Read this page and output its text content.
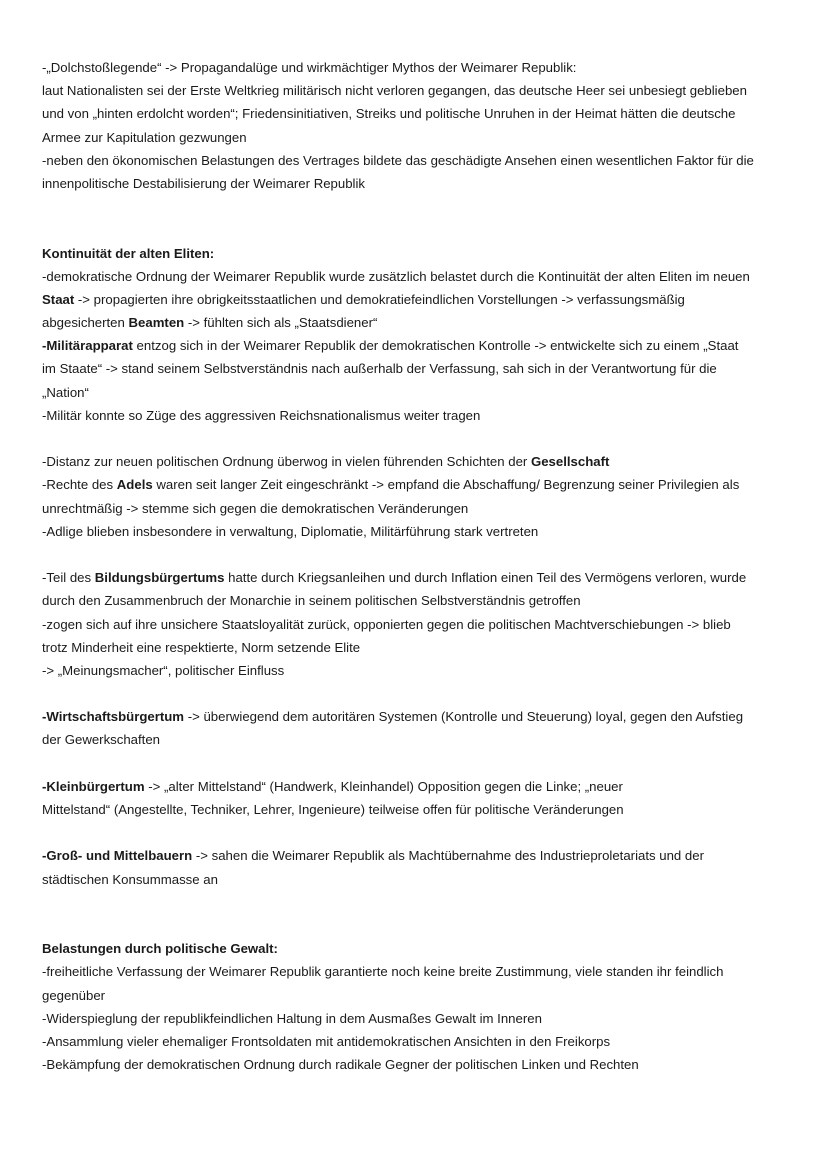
-„Dolchstoßlegende“ -> Propagandalüge und wirkmächtiger Mythos der Weimarer Republik:
laut Nationalisten sei der Erste Weltkrieg militärisch nicht verloren gegangen, das deutsche Heer sei unbesiegt geblieben
und von „hinten erdolcht worden“; Friedensinitiativen, Streiks und politische Unruhen in der Heimat hätten die deutsche
Armee zur Kapitulation gezwungen
-neben den ökonomischen Belastungen des Vertrages bildete das geschädigte Ansehen einen wesentlichen Faktor für die
innenpolitische Destabilisierung der Weimarer Republik
Kontinuität der alten Eliten:
-demokratische Ordnung der Weimarer Republik wurde zusätzlich belastet durch die Kontinuität der alten Eliten im neuen
Staat -> propagierten ihre obrigkeitsstaatlichen und demokratiefeindlichen Vorstellungen -> verfassungsmäßig
abgesicherten Beamten -> fühlten sich als „Staatsdiener“
-Militärapparat entzog sich in der Weimarer Republik der demokratischen Kontrolle -> entwickelte sich zu einem „Staat
im Staate“ -> stand seinem Selbstverständnis nach außerhalb der Verfassung, sah sich in der Verantwortung für die
„Nation“
-Militär konnte so Züge des aggressiven Reichsnationalismus weiter tragen
-Distanz zur neuen politischen Ordnung überwog in vielen führenden Schichten der Gesellschaft
-Rechte des Adels waren seit langer Zeit eingeschränkt -> empfand die Abschaffung/ Begrenzung seiner Privilegien als
unrechtmäßig -> stemme sich gegen die demokratischen Veränderungen
-Adlige blieben insbesondere in verwaltung, Diplomatie, Militärführung stark vertreten
-Teil des Bildungsbürgertums hatte durch Kriegsanleihen und durch Inflation einen Teil des Vermögens verloren, wurde
durch den Zusammenbruch der Monarchie in seinem politischen Selbstverständnis getroffen
-zogen sich auf ihre unsichere Staatsloyalität zurück, opponierten gegen die politischen Machtverschiebungen -> blieb
trotz Minderheit eine respektierte, Norm setzende Elite
-> „Meinungsmacher“, politischer Einfluss
-Wirtschaftsbürgertum -> überwiegend dem autoritären Systemen (Kontrolle und Steuerung) loyal, gegen den Aufstieg
der Gewerkschaften
-Kleinbürgertum -> „alter Mittelstand“ (Handwerk, Kleinhandel) Opposition gegen die Linke; „neuer
Mittelstand“ (Angestellte, Techniker, Lehrer, Ingenieure) teilweise offen für politische Veränderungen
-Groß- und Mittelbauern -> sahen die Weimarer Republik als Machtübernahme des Industrieproletariats und der
städtischen Konsummasse an
Belastungen durch politische Gewalt:
-freiheitliche Verfassung der Weimarer Republik garantierte noch keine breite Zustimmung, viele standen ihr feindlich
gegenüber
-Widerspieglung der republikfeindlichen Haltung in dem Ausmaßes Gewalt im Inneren
-Ansammlung vieler ehemaliger Frontsoldaten mit antidemokratischen Ansichten in den Freikorps
-Bekämpfung der demokratischen Ordnung durch radikale Gegner der politischen Linken und Rechten
